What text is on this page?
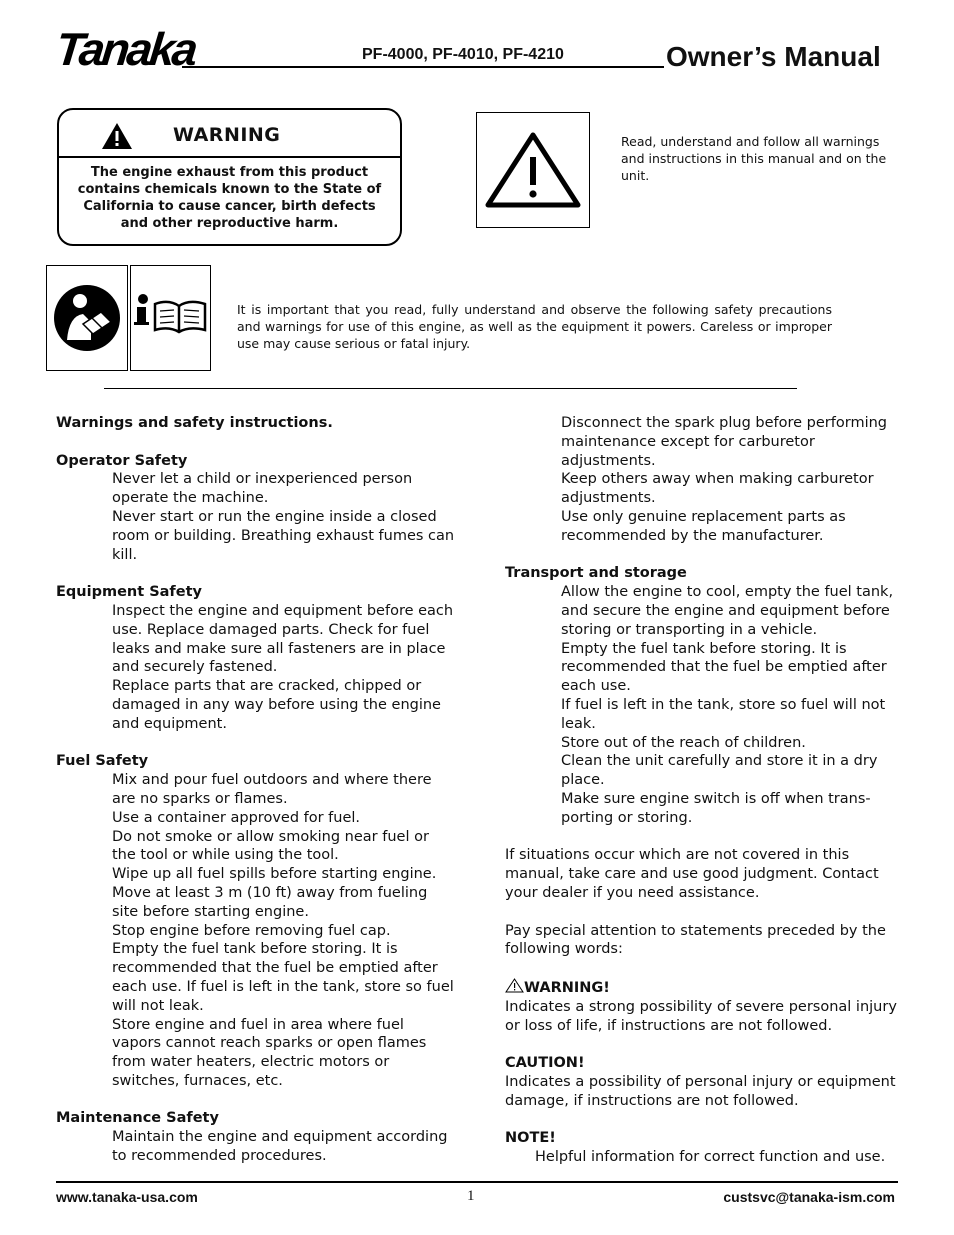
Tanaka	PF-4000, PF-4010, PF-4210	Owner’s Manual
WARNING
The engine exhaust from this product contains chemicals known to the State of California to cause cancer, birth defects and other reproductive harm.
Read, understand and follow all warnings and instructions in this manual and on the unit.
It is important that you read, fully understand and observe the following safety precautions and warnings for use of this engine, as well as the equipment it powers. Careless or improper use may cause serious or fatal injury.
Warnings and safety instructions.
Operator Safety
Never let a child or inexperienced person operate the machine.
Never start or run the engine inside a closed room or building. Breathing exhaust fumes can kill.
Equipment Safety
Inspect the engine and equipment before each use. Replace damaged parts. Check for fuel leaks and make sure all fasteners are in place and securely fastened.
Replace parts that are cracked, chipped or damaged in any way before using the engine and equipment.
Fuel Safety
Mix and pour fuel outdoors and where there are no sparks or flames.
Use a container approved for fuel.
Do not smoke or allow smoking near fuel or the tool or while using the tool.
Wipe up all fuel spills before starting engine.
Move at least 3 m (10 ft) away from fueling site before starting engine.
Stop engine before removing fuel cap.
Empty the fuel tank before storing. It is recommended that the fuel be emptied after each use. If fuel is left in the tank, store so fuel will not leak.
Store engine and fuel in area where fuel vapors cannot reach sparks or open flames from water heaters, electric motors or switches, furnaces, etc.
Maintenance Safety
Maintain the engine and equipment according to recommended procedures.
Disconnect the spark plug before performing maintenance except for carburetor adjustments.
Keep others away when making carburetor adjustments.
Use only genuine replacement parts as recommended by the manufacturer.
Transport and storage
Allow the engine to cool, empty the fuel tank, and secure the engine and equipment before storing or transporting in a vehicle.
Empty the fuel tank before storing. It is recommended that the fuel be emptied after each use.
If fuel is left in the tank, store so fuel will not leak.
Store out of the reach of children.
Clean the unit carefully and store it in a dry place.
Make sure engine switch is off when trans-porting or storing.
If situations occur which are not covered in this manual, take care and use good judgment. Contact your dealer if you need assistance.
Pay special attention to statements preceded by the following words:
WARNING!
Indicates a strong possibility of severe personal injury or loss of life, if instructions are not followed.
CAUTION!
Indicates a possibility of personal injury or equipment damage, if instructions are not followed.
NOTE!
Helpful information for correct function and use.
www.tanaka-usa.com	1	custsvc@tanaka-ism.com
